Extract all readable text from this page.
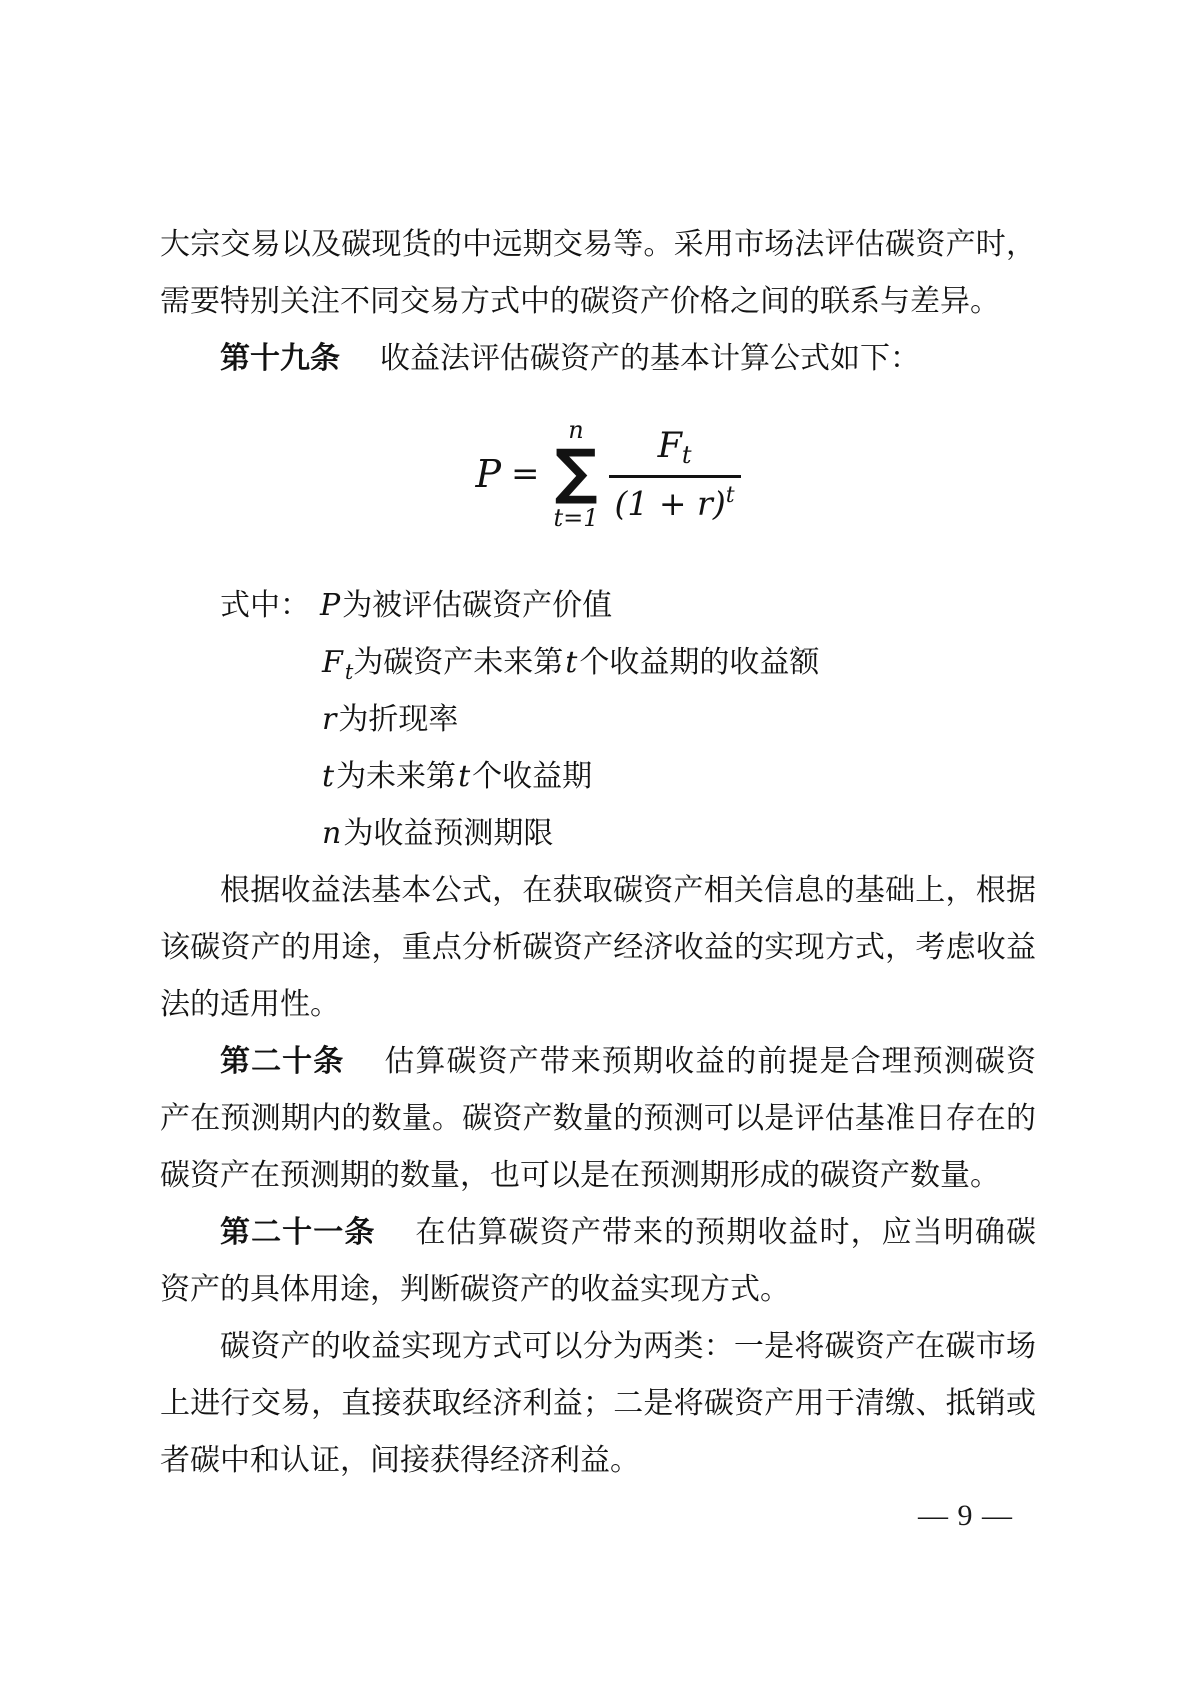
大宗交易以及碳现货的中远期交易等。采用市场法评估碳资产时，需要特别关注不同交易方式中的碳资产价格之间的联系与差异。

第十九条 收益法评估碳资产的基本计算公式如下：

P =
n
∑
$t=1 \frac{Ft}{(1 + r)^t}$

式中： P为被评估碳资产价值

$F_t$为碳资产未来第t个收益期的收益额

r为折现率

t为未来第t个收益期

n为收益预测期限

根据收益法基本公式，在获取碳资产相关信息的基础上，根据该碳资产的用途，重点分析碳资产经济收益的实现方式，考虑收益法的适用性。

第二十条 估算碳资产带来预期收益的前提是合理预测碳资产在预测期内的数量。碳资产数量的预测可以是评估基准日存在的碳资产在预测期的数量，也可以是在预测期形成的碳资产数量。

第二十一条 在估算碳资产带来的预期收益时，应当明确碳资产的具体用途，判断碳资产的收益实现方式。

碳资产的收益实现方式可以分为两类：一是将碳资产在碳市场上进行交易，直接获取经济利益；二是将碳资产用于清缴、抵销或者碳中和认证，间接获得经济利益。

— 9 —
